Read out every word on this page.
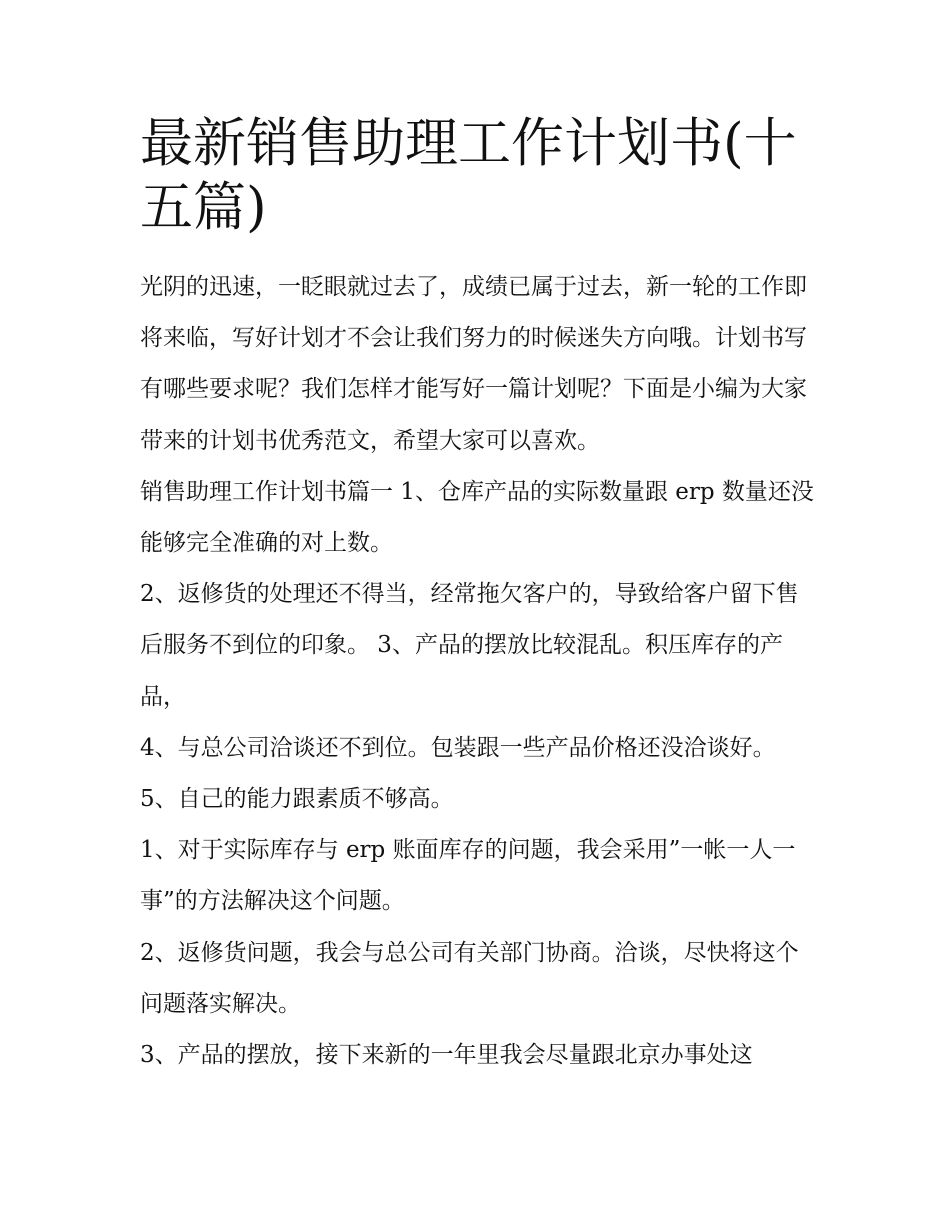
最新销售助理工作计划书(十五篇)

光阴的迅速，一眨眼就过去了，成绩已属于过去，新一轮的工作即将来临，写好计划才不会让我们努力的时候迷失方向哦。计划书写有哪些要求呢？我们怎样才能写好一篇计划呢？下面是小编为大家带来的计划书优秀范文，希望大家可以喜欢。

销售助理工作计划书篇一 1、仓库产品的实际数量跟 erp 数量还没能够完全准确的对上数。

2、返修货的处理还不得当，经常拖欠客户的，导致给客户留下售后服务不到位的印象。 3、产品的摆放比较混乱。积压库存的产品，

4、与总公司洽谈还不到位。包装跟一些产品价格还没洽谈好。 5、自己的能力跟素质不够高。

1、对于实际库存与 erp 账面库存的问题，我会采用”一帐一人一事”的方法解决这个问题。

2、返修货问题，我会与总公司有关部门协商。洽谈，尽快将这个问题落实解决。

3、产品的摆放，接下来新的一年里我会尽量跟北京办事处这
